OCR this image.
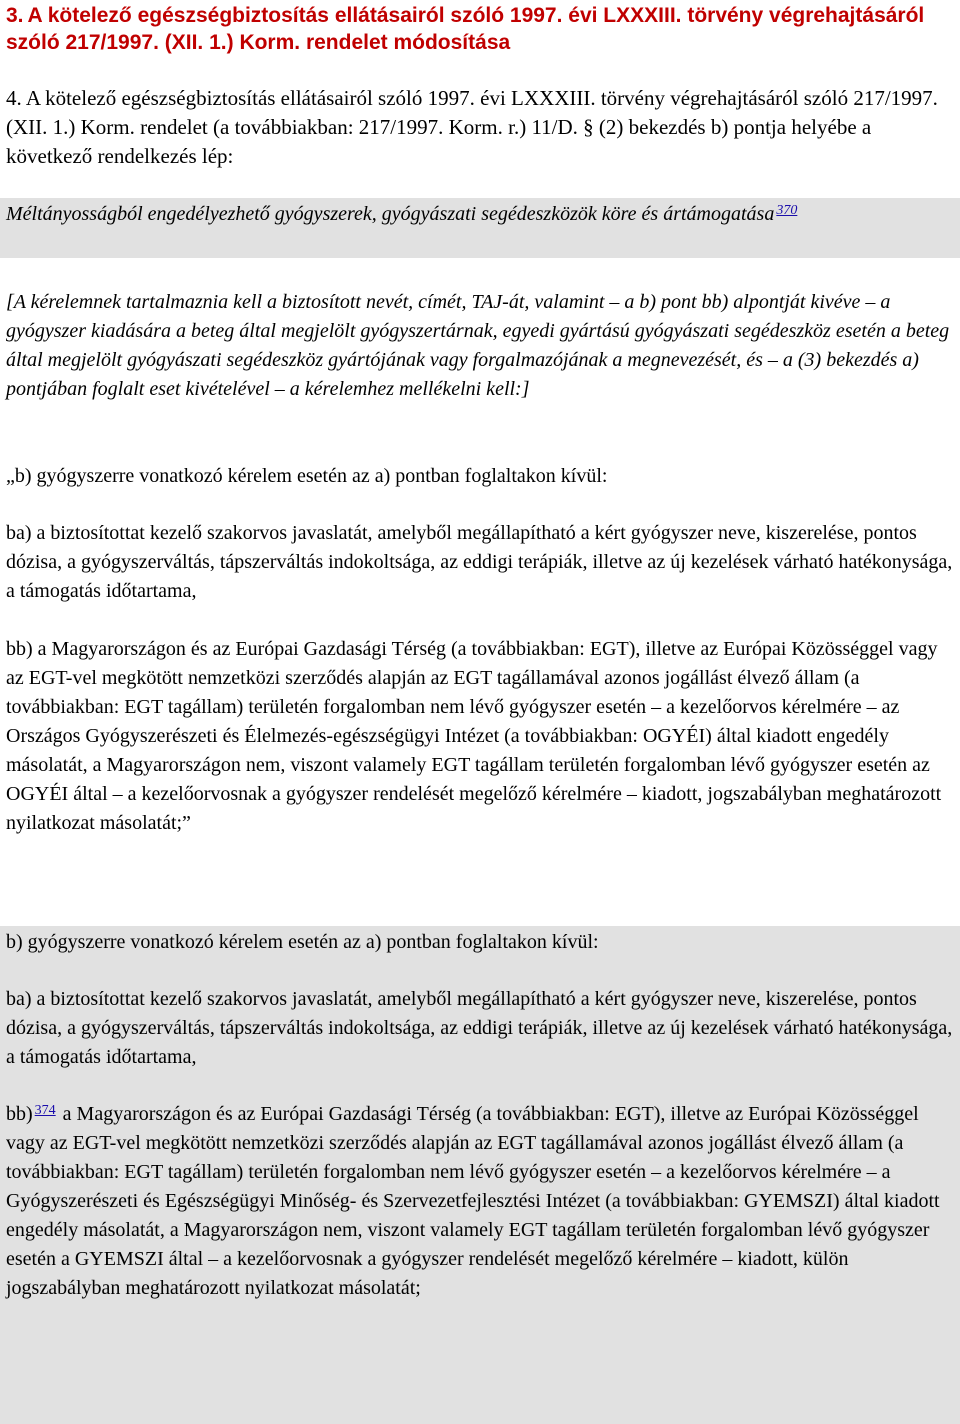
3. A kötelező egészségbiztosítás ellátásairól szóló 1997. évi LXXXIII. törvény végrehajtásáról szóló 217/1997. (XII. 1.) Korm. rendelet módosítása
4. A kötelező egészségbiztosítás ellátásairól szóló 1997. évi LXXXIII. törvény végrehajtásáról szóló 217/1997. (XII. 1.) Korm. rendelet (a továbbiakban: 217/1997. Korm. r.) 11/D. § (2) bekezdés b) pontja helyébe a következő rendelkezés lép:
Méltányosságból engedélyezhető gyógyszerek, gyógyászati segédeszközök köre és ártámogatása $^{370}$
[A kérelemnek tartalmaznia kell a biztosított nevét, címét, TAJ-át, valamint – a b) pont bb) alpontját kivéve – a gyógyszer kiadására a beteg által megjelölt gyógyszertárnak, egyedi gyártású gyógyászati segédeszköz esetén a beteg által megjelölt gyógyászati segédeszköz gyártójának vagy forgalmazójának a megnevezését, és – a (3) bekezdés a) pontjában foglalt eset kivételével – a kérelemhez mellékelni kell:]
„b) gyógyszerre vonatkozó kérelem esetén az a) pontban foglaltakon kívül:
ba) a biztosítottat kezelő szakorvos javaslatát, amelyből megállapítható a kért gyógyszer neve, kiszerelése, pontos dózisa, a gyógyszerváltás, tápszerváltás indokoltsága, az eddigi terápiák, illetve az új kezelések várható hatékonysága, a támogatás időtartama,
bb) a Magyarországon és az Európai Gazdasági Térség (a továbbiakban: EGT), illetve az Európai Közösséggel vagy az EGT-vel megkötött nemzetközi szerződés alapján az EGT tagállamával azonos jogállást élvező állam (a továbbiakban: EGT tagállam) területén forgalomban nem lévő gyógyszer esetén – a kezelőorvos kérelmére – az Országos Gyógyszerészeti és Élelmezés-egészségügyi Intézet (a továbbiakban: OGYÉI) által kiadott engedély másolatát, a Magyarországon nem, viszont valamely EGT tagállam területén forgalomban lévő gyógyszer esetén az OGYÉI által – a kezelőorvosnak a gyógyszer rendelését megelőző kérelmére – kiadott, jogszabályban meghatározott nyilatkozat másolatát;”
b) gyógyszerre vonatkozó kérelem esetén az a) pontban foglaltakon kívül:
ba) a biztosítottat kezelő szakorvos javaslatát, amelyből megállapítható a kért gyógyszer neve, kiszerelése, pontos dózisa, a gyógyszerváltás, tápszerváltás indokoltsága, az eddigi terápiák, illetve az új kezelések várható hatékonysága, a támogatás időtartama,
bb) $^{374}$ a Magyarországon és az Európai Gazdasági Térség (a továbbiakban: EGT), illetve az Európai Közösséggel vagy az EGT-vel megkötött nemzetközi szerződés alapján az EGT tagállamával azonos jogállást élvező állam (a továbbiakban: EGT tagállam) területén forgalomban nem lévő gyógyszer esetén – a kezelőorvos kérelmére – a Gyógyszerészeti és Egészségügyi Minőség- és Szervezetfejlesztési Intézet (a továbbiakban: GYEMSZI) által kiadott engedély másolatát, a Magyarországon nem, viszont valamely EGT tagállam területén forgalomban lévő gyógyszer esetén a GYEMSZI által – a kezelőorvosnak a gyógyszer rendelését megelőző kérelmére – kiadott, külön jogszabályban meghatározott nyilatkozat másolatát;
